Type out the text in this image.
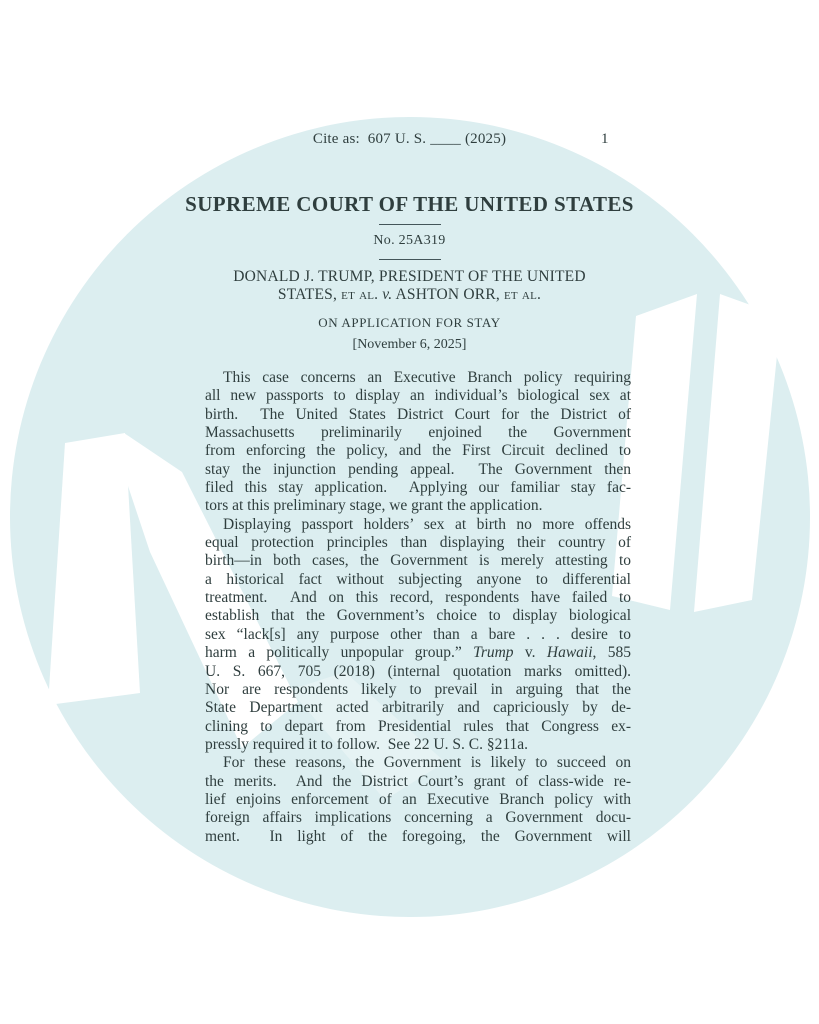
Cite as:  607 U. S. ____ (2025)	1
SUPREME COURT OF THE UNITED STATES
No. 25A319
DONALD J. TRUMP, PRESIDENT OF THE UNITED
STATES, et al. v. ASHTON ORR, et al.
ON APPLICATION FOR STAY
[November 6, 2025]
This case concerns an Executive Branch policy requiring
all new passports to display an individual’s biological sex at
birth.  The United States District Court for the District of
Massachusetts preliminarily enjoined the Government
from enforcing the policy, and the First Circuit declined to
stay the injunction pending appeal.  The Government then
filed this stay application.  Applying our familiar stay fac-
tors at this preliminary stage, we grant the application.
Displaying passport holders’ sex at birth no more offends
equal protection principles than displaying their country of
birth—in both cases, the Government is merely attesting to
a historical fact without subjecting anyone to differential
treatment.  And on this record, respondents have failed to
establish that the Government’s choice to display biological
sex “lack[s] any purpose other than a bare . . . desire to
harm a politically unpopular group.” Trump v. Hawaii, 585
U. S. 667, 705 (2018) (internal quotation marks omitted).
Nor are respondents likely to prevail in arguing that the
State Department acted arbitrarily and capriciously by de-
clining to depart from Presidential rules that Congress ex-
pressly required it to follow.  See 22 U. S. C. §211a.
For these reasons, the Government is likely to succeed on
the merits.  And the District Court’s grant of class-wide re-
lief enjoins enforcement of an Executive Branch policy with
foreign affairs implications concerning a Government docu-
ment.  In light of the foregoing, the Government will
